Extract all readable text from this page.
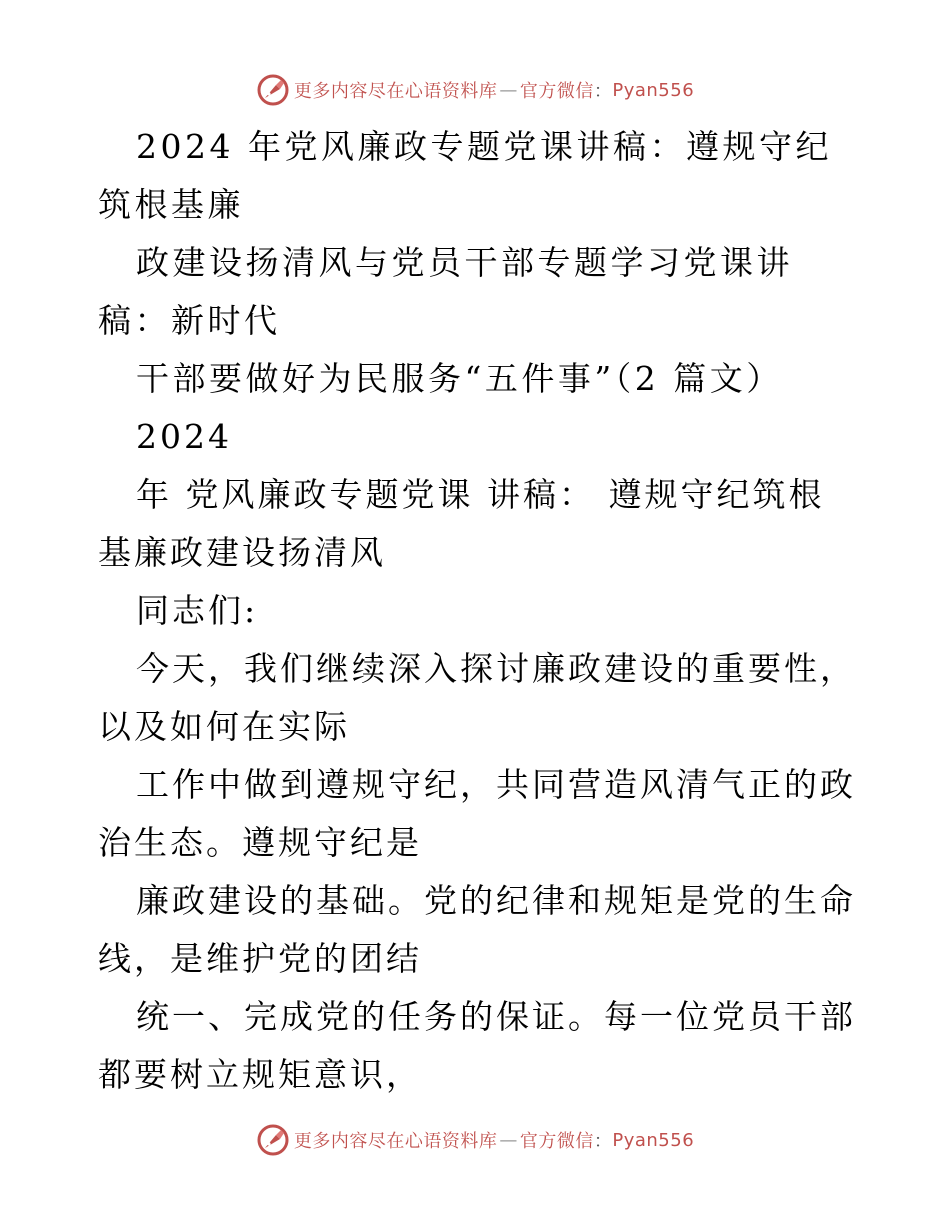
更多内容尽在心语资料库 — 官方微信 ： Pyan556

2024 年党风廉政专题党课讲稿：遵规守纪筑根基廉

政建设扬清风与党员干部专题学习党课讲稿：新时代

干部要做好为民服务“五件事”（2 篇文）

2024

年 党风廉政专题党课 讲稿： 遵规守纪筑根基廉政建设扬清风

同志们:

今天，我们继续深入探讨廉政建设的重要性，以及如何在实际

工作中做到遵规守纪，共同营造风清气正的政治生态。遵规守纪是

廉政建设的基础。党的纪律和规矩是党的生命线，是维护党的团结

统一、完成党的任务的保证。每一位党员干部都要树立规矩意识，

更多内容尽在心语资料库 — 官方微信 ： Pyan556
